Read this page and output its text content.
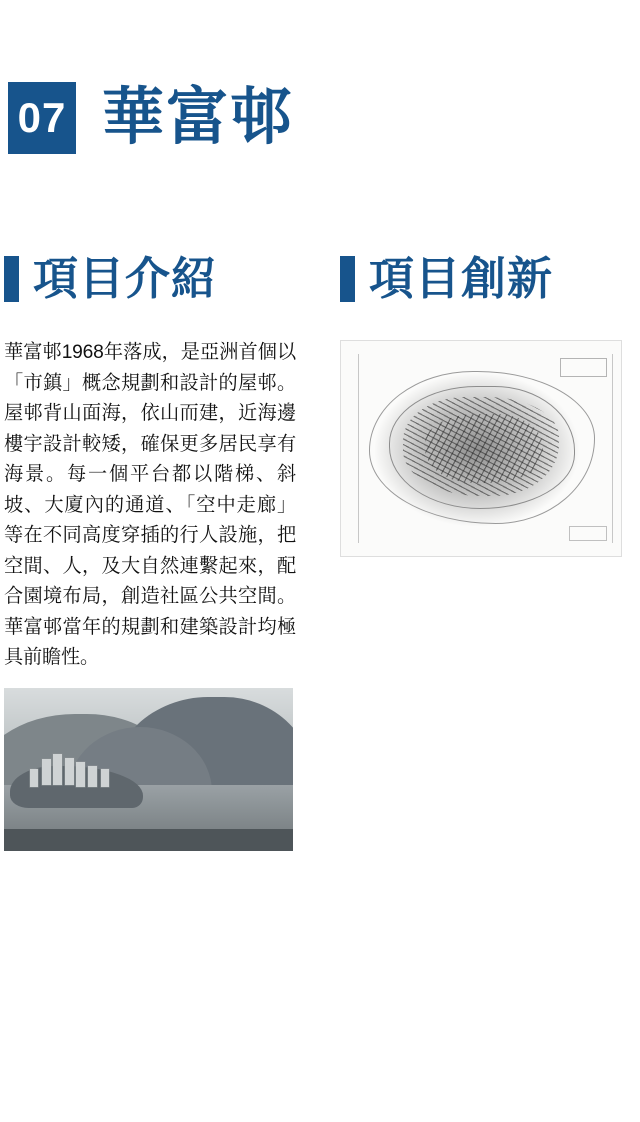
07 華富邨
項目介紹
華富邨1968年落成，是亞洲首個以「市鎮」概念規劃和設計的屋邨。屋邨背山面海，依山而建，近海邊樓宇設計較矮，確保更多居民享有海景。每一個平台都以階梯、斜坡、大廈內的通道、「空中走廊」等在不同高度穿插的行人設施，把空間、人，及大自然連繫起來，配合園境布局，創造社區公共空間。華富邨當年的規劃和建築設計均極具前瞻性。
項目創新
